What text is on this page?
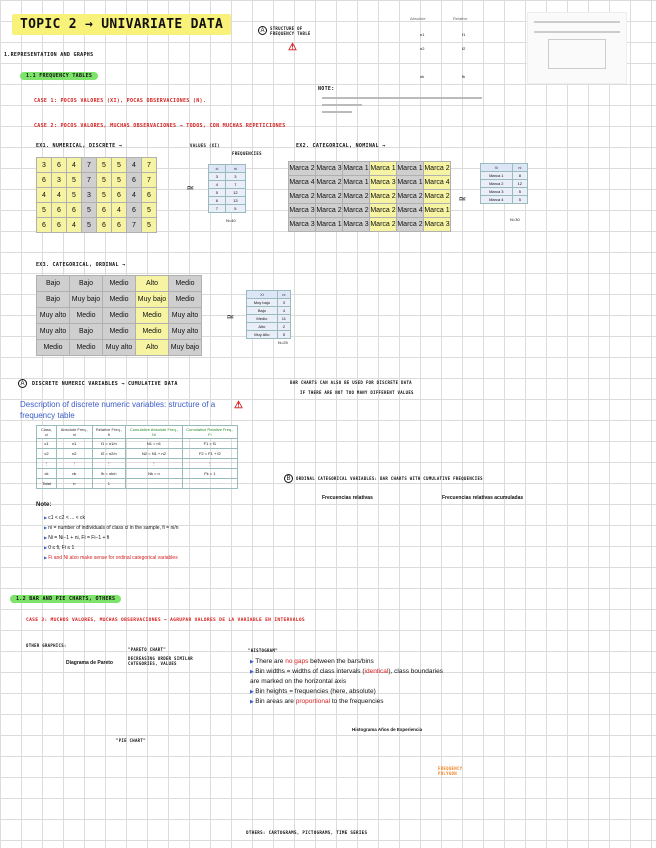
TOPIC 2 → UNIVARIATE DATA
1.REPRESENTATION AND GRAPHS
1.1 FREQUENCY TABLES
CASE 1: POCOS VALORES (XI), POCAS OBSERVACIONES (N).
CASE 2: POCOS VALORES, MUCHAS OBSERVACIONES → TODOS, CON MUCHAS REPETICIONES
A	STRUCTURE OF FREQUENCY TABLE
⚠
Absolute	Relative
n1	f1
n2	f2
nk	fk
NOTE:
EX1. NUMERICAL, DISCRETE →	VALUES (XI)
FREQUENCIES
3	6	4	7	5	5	4	7
6	3	5	7	5	5	6	7
4	4	5	3	5	6	4	6
5	6	6	5	6	4	6	5
6	6	4	5	6	6	7	5
≃
xi	ni
3	3
4	7
5	12
6	13
7	5
N=40
EX2. CATEGORICAL, NOMINAL →
Marca 2	Marca 3	Marca 1	Marca 1	Marca 1	Marca 2
Marca 4	Marca 2	Marca 1	Marca 3	Marca 1	Marca 4
Marca 2	Marca 2	Marca 2	Marca 2	Marca 2	Marca 2
Marca 3	Marca 2	Marca 2	Marca 2	Marca 4	Marca 1
Marca 3	Marca 1	Marca 3	Marca 2	Marca 2	Marca 3
≃
Xi	ni
Marca 1	8
Marca 2	12
Marca 3	5
Marca 4	5
N=30
EX3. CATEGORICAL, ORDINAL →
Bajo	Bajo	Medio	Alto	Medio
Bajo	Muy bajo	Medio	Muy bajo	Medio
Muy alto	Medio	Medio	Medio	Muy alto
Muy alto	Bajo	Medio	Medio	Muy alto
Medio	Medio	Muy alto	Alto	Muy bajo
≃
Xi	ni
Muy bajo	3
Bajo	4
Medio	11
Alto	2
Muy Alto	5
N=25
A	DISCRETE NUMERIC VARIABLES → CUMULATIVE DATA	BAR CHARTS CAN ALSO BE USED FOR DISCRETE DATA
IF THERE ARE NOT TOO MANY DIFFERENT VALUES
Description of discrete numeric variables: structure of a frequency table
⚠
Class, ci	Absolute Freq., ni	Relative Freq., fi	Cumulative Absolute Freq., Ni	Cumulative Relative Freq., Fi
c1	n1	f1 = n1/n	N1 = n1	F1 = f1
c2	n2	f2 = n2/n	N2 = N1 + n2	F2 = F1 + f2
⋮	⋮	⋮	⋮	⋮
ck	nk	fk = nk/n	Nk = n	Fk = 1
Total	n	1		
Note:
▶ c1 < c2 < ... < ck
▶ ni = number of individuals of class ci in the sample, fi = ni/n
▶ Ni = Ni−1 + ni, Fi = Fi−1 + fi
▶ 0 ≤ fi, Fi ≤ 1
▶ Fi and Ni also make sense for ordinal categorical variables
B	ORDINAL CATEGORICAL VARIABLES: BAR CHARTS WITH CUMULATIVE FREQUENCIES
Frecuencias relativas	Frecuencias relativas acumuladas
1.2 BAR AND PIE CHARTS, OTHERS
CASE 3: MUCHOS VALORES, MUCHAS OBSERVACIONES → AGRUPAR VALORES DE LA VARIABLE EN INTERVALOS
OTHER GRAPHICS:
"PARETO CHART"
DECREASING ORDER SIMILAR CATEGORIES, VALUES
Diagrama de Pareto
"HISTOGRAM"
▶ There are no gaps between the bars/bins
▶ Bin widths = widths of class intervals (identical), class boundaries are marked on the horizontal axis
▶ Bin heights = frequencies (here, absolute)
▶ Bin areas are proportional to the frequencies
Histograma Años de Experiencia
FREQUENCY POLYGON
"PIE CHART"
OTHERS: CARTOGRAMS, PICTOGRAMS, TIME SERIES
